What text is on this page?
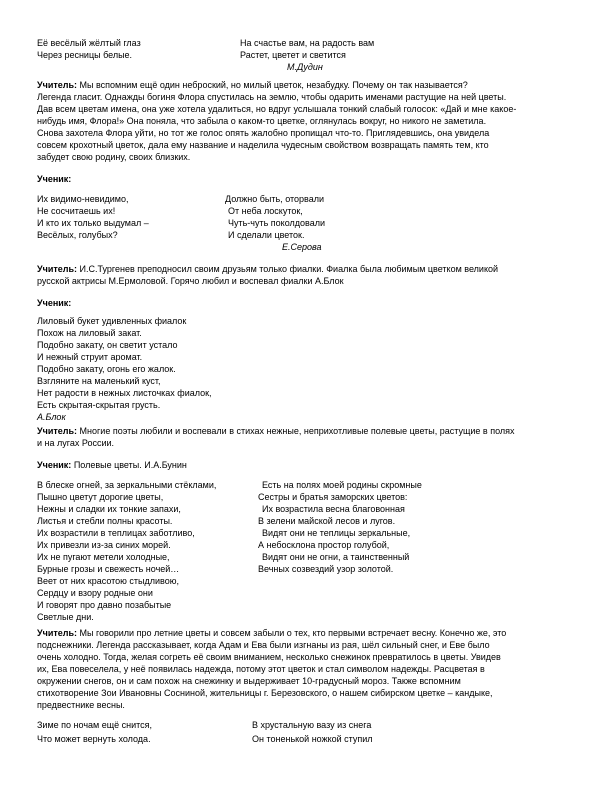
Её весёлый жёлтый глаз
Через ресницы белые.
На счастье вам, на радость вам
Растет, цветет и светится
М.Дудин
Учитель: Мы вспомним ещё один неброский, но милый цветок, незабудку. Почему он так называется?
Легенда гласит. Однажды богиня Флора спустилась на землю, чтобы одарить именами растущие на ней цветы.
Дав всем цветам имена, она уже хотела удалиться, но вдруг услышала тонкий слабый голосок: «Дай и мне какое-
нибудь имя, Флора!» Она поняла, что забыла о каком-то цветке, оглянулась вокруг, но никого не заметила.
Снова захотела Флора уйти, но тот же голос опять жалобно пропищал что-то. Приглядевшись, она увидела
совсем крохотный цветок, дала ему название и наделила чудесным свойством возвращать память тем, кто
забудет свою родину, своих близких.
Ученик:
Их видимо-невидимо,
Не сосчитаешь их!
И кто их только выдумал –
Весёлых, голубых?
Должно быть, оторвали
От неба лоскуток,
Чуть-чуть поколдовали
И сделали цветок.
Е.Серова
Учитель: И.С.Тургенев преподносил своим друзьям только фиалки. Фиалка была любимым цветком великой
русской актрисы М.Ермоловой. Горячо любил и воспевал фиалки А.Блок
Ученик:
Лиловый букет удивленных фиалок
Похож на лиловый закат.
Подобно закату, он светит устало
И нежный струит аромат.
Подобно закату, огонь его жалок.
Взгляните на маленький куст,
Нет радости в нежных листочках фиалок,
Есть скрытая-скрытая грусть.
А.Блок
Учитель: Многие поэты любили и воспевали в стихах нежные, неприхотливые полевые цветы, растущие в полях
и на лугах России.
Ученик: Полевые цветы. И.А.Бунин
В блеске огней, за зеркальными стёклами,
Пышно цветут дорогие цветы,
Нежны и сладки их тонкие запахи,
Листья и стебли полны красоты.
Их возрастили в теплицах заботливо,
Их привезли из-за синих морей.
Их не пугают метели холодные,
Бурные грозы и свежесть ночей…
Веет от них красотою стыдливою,
Сердцу и взору родные они
И говорят про давно позабытые
Светлые дни.
Есть на полях моей родины скромные
Сестры и братья заморских цветов:
Их возрастила весна благовонная
В зелени майской лесов и лугов.
Видят они не теплицы зеркальные,
А небосклона простор голубой,
Видят они не огни, а таинственный
Вечных созвездий узор золотой.
Учитель: Мы говорили про летние цветы и совсем забыли о тех, кто первыми встречает весну. Конечно же, это
подснежники. Легенда рассказывает, когда Адам и Ева были изгнаны из рая, шёл сильный снег, и Еве было
очень холодно. Тогда, желая согреть её своим вниманием, несколько снежинок превратилось в цветы. Увидев
их, Ева повеселела, у неё появилась надежда, потому этот цветок и стал символом надежды. Расцветая в
окружении снегов, он и сам похож на снежинку и выдерживает 10-градусный мороз. Также вспомним
стихотворение Зои Ивановны Сосниной, жительницы г. Березовского, о нашем сибирском цветке – кандыке,
предвестнике весны.
Зиме по ночам ещё снится,
Что может вернуть холода.
В хрустальную вазу из снега
Он тоненькой ножкой ступил
